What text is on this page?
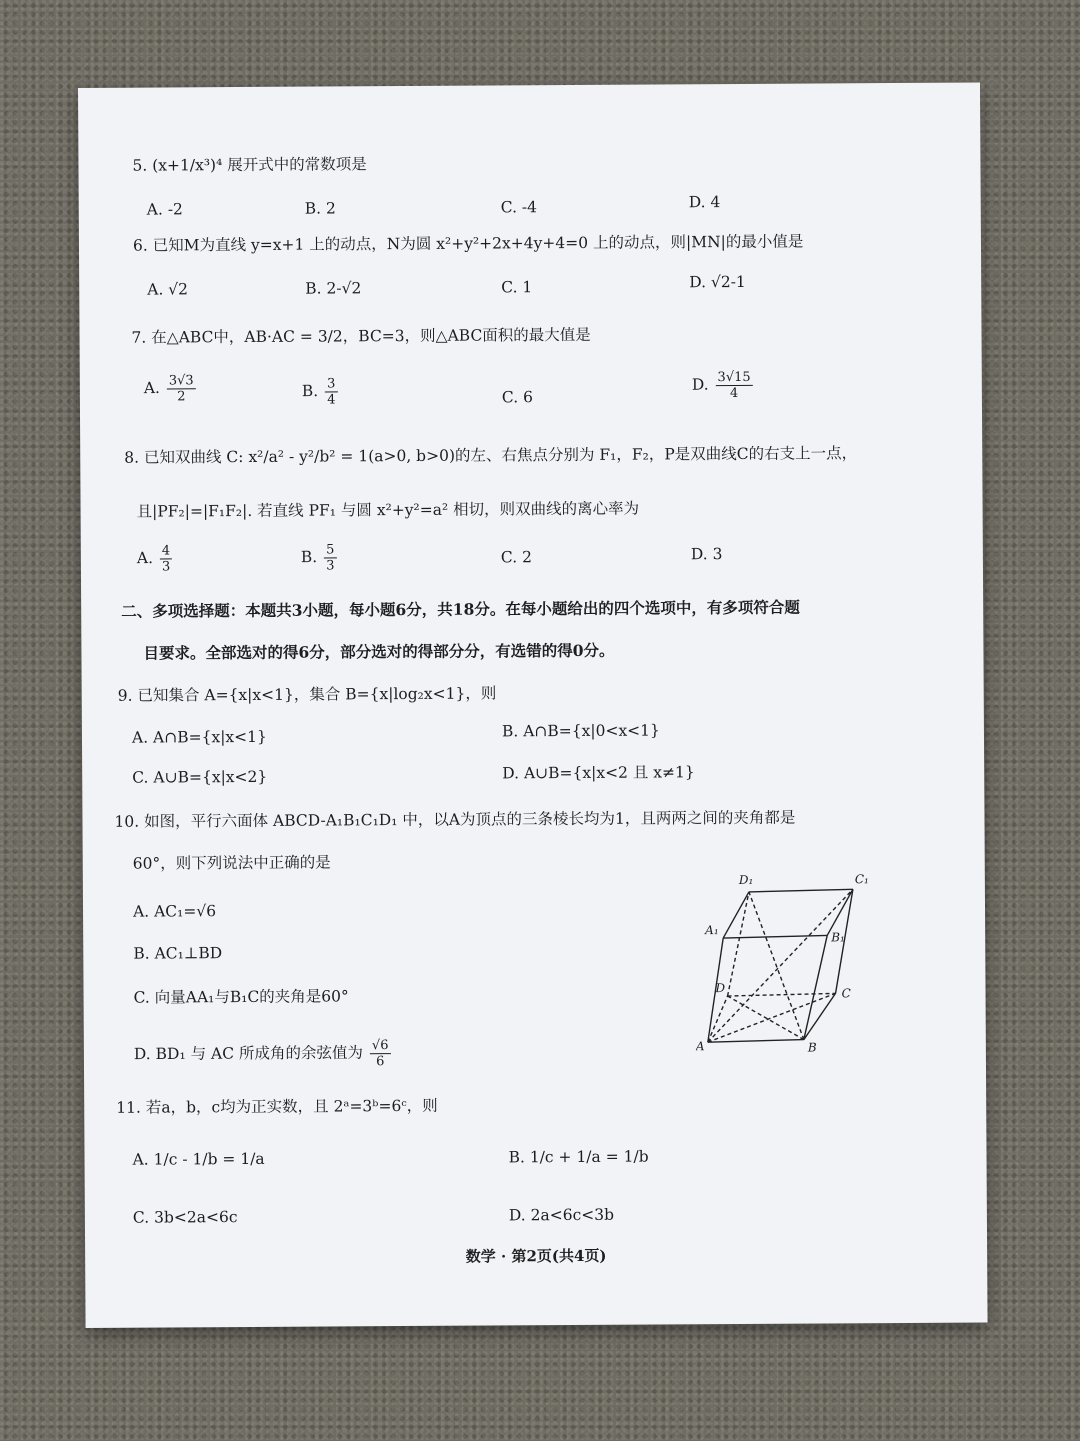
5. (x+1/x³)⁴ 展开式中的常数项是
A. -2	B. 2	C. -4	D. 4
6. 已知M为直线 y=x+1 上的动点，N为圆 x²+y²+2x+4y+4=0 上的动点，则|MN|的最小值是
A. √2	B. 2-√2	C. 1	D. √2-1
7. 在△ABC中，AB·AC = 3/2，BC=3，则△ABC面积的最大值是
A. $\frac{3√3}{2}$	B. $\frac{3}{4}$	C. 6
D. $\frac{3√15}{4}$
8. 已知双曲线 C: x²/a² - y²/b² = 1(a>0, b>0)的左、右焦点分别为 F₁，F₂，P是双曲线C的右支上一点，
且|PF₂|=|F₁F₂|. 若直线 PF₁ 与圆 x²+y²=a² 相切，则双曲线的离心率为
A. $\frac{4}{3}$	B. $\frac{5}{3}$	C. 2	D. 3
二、多项选择题：本题共3小题，每小题6分，共18分。在每小题给出的四个选项中，有多项符合题
目要求。全部选对的得6分，部分选对的得部分分，有选错的得0分。
9. 已知集合 A={x|x<1}，集合 B={x|log₂x<1}，则
A. A∩B={x|x<1}	B. A∩B={x|0<x<1}
C. A∪B={x|x<2}	D. A∪B={x|x<2 且 x≠1}
10. 如图，平行六面体 ABCD-A₁B₁C₁D₁ 中，以A为顶点的三条棱长均为1，且两两之间的夹角都是
60°，则下列说法中正确的是
A. AC₁=√6
B. AC₁⊥BD
C. 向量AA₁与B₁C的夹角是60°
D. BD₁ 与 AC 所成角的余弦值为 $\frac{√6}{6}$
D₁	C₁
A₁
B₁
D	C
A	B
11. 若a，b，c均为正实数，且 2ᵃ=3ᵇ=6ᶜ，则
A. 1/c - 1/b = 1/a	B. 1/c + 1/a = 1/b
C. 3b<2a<6c	D. 2a<6c<3b
数学 · 第2页(共4页)
